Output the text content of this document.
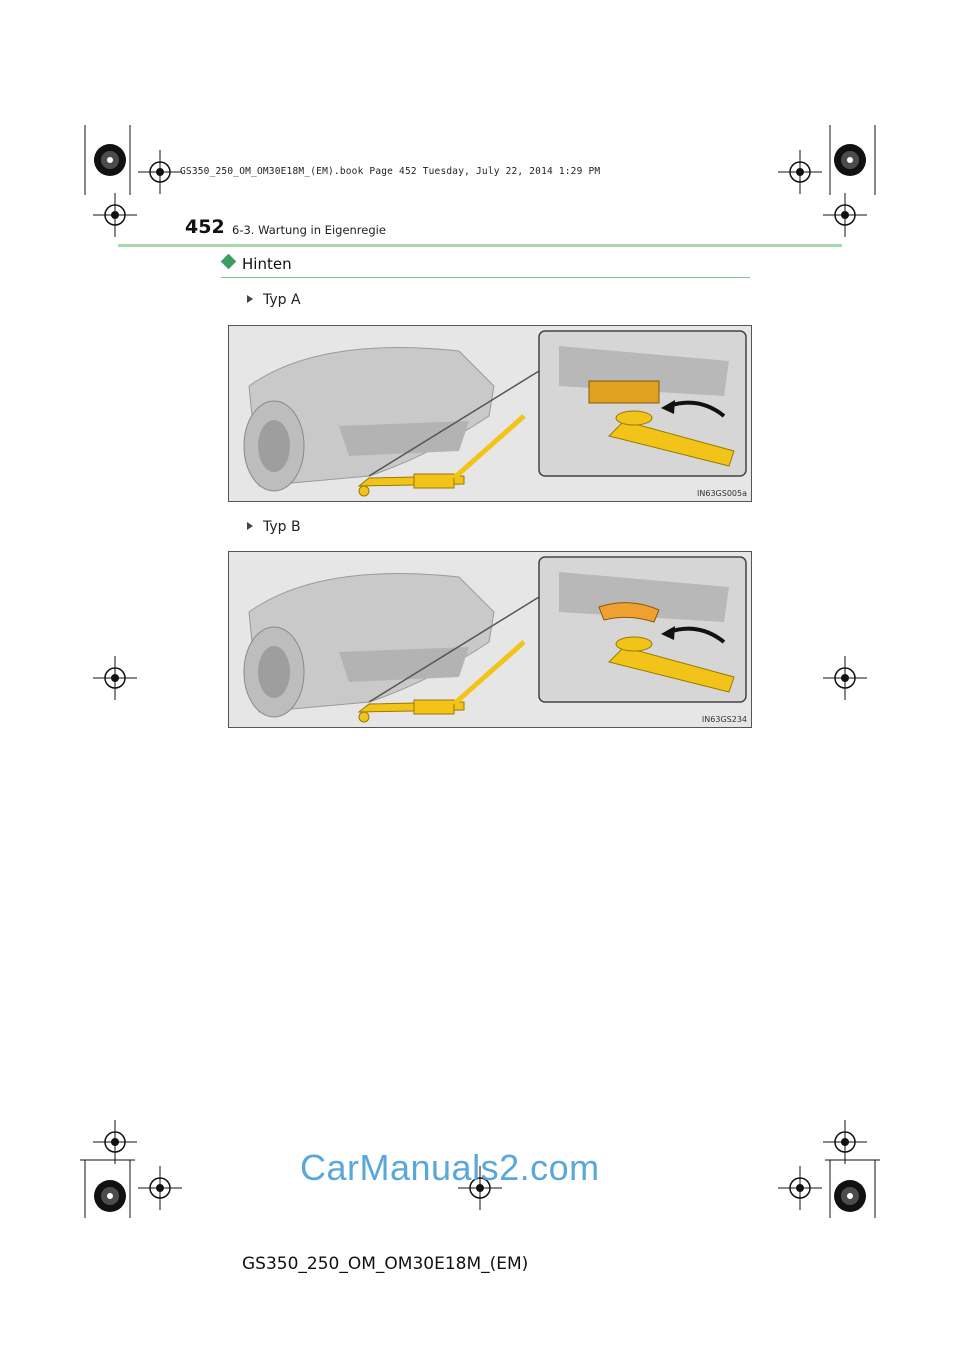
GS350_250_OM_OM30E18M_(EM).book Page 452 Tuesday, July 22, 2014 1:29 PM
452 6-3. Wartung in Eigenregie
Hinten
Typ A
IN63GS005a
Typ B
IN63GS234
CarManuals2.com
GS350_250_OM_OM30E18M_(EM)
